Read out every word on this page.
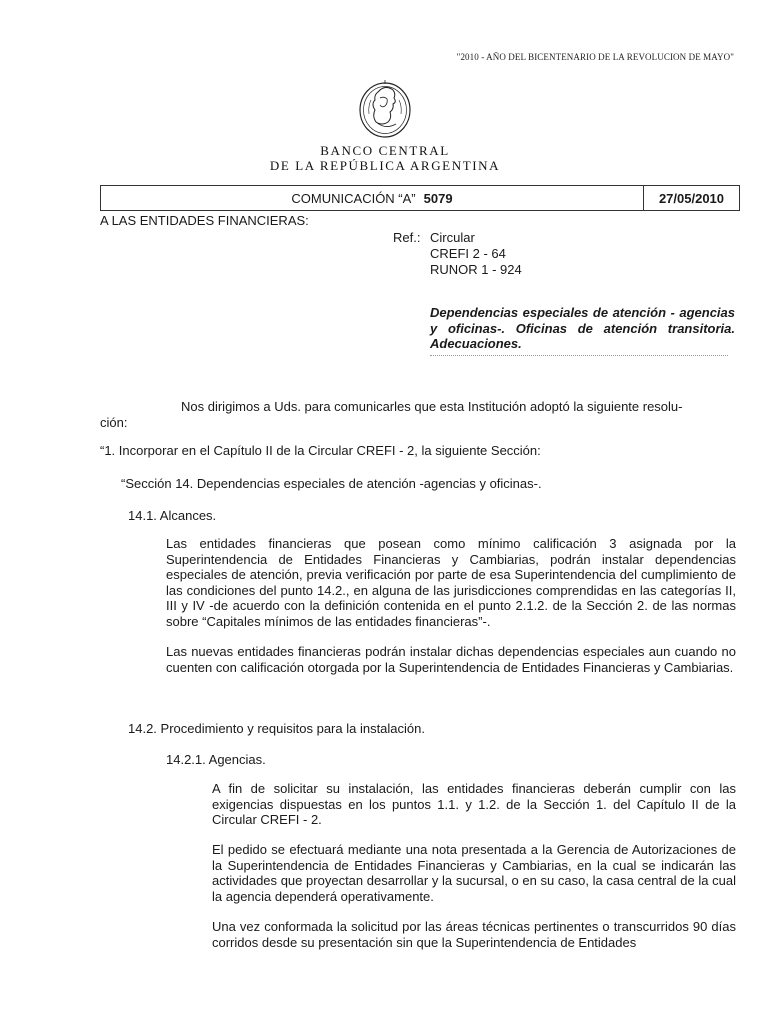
"2010 - AÑO DEL BICENTENARIO DE LA REVOLUCION DE MAYO"
BANCO CENTRAL
DE LA REPÚBLICA ARGENTINA
COMUNICACIÓN “A” 5079	27/05/2010
A LAS ENTIDADES FINANCIERAS:
Ref.: Circular
CREFI 2 - 64
RUNOR 1 - 924
Dependencias especiales de atención - agencias y oficinas-. Oficinas de atención transitoria. Adecuaciones.
Nos dirigimos a Uds. para comunicarles que esta Institución adoptó la siguiente resolu-
ción:
“1. Incorporar en el Capítulo II de la Circular CREFI - 2, la siguiente Sección:
“Sección 14. Dependencias especiales de atención -agencias y oficinas-.
14.1. Alcances.
Las entidades financieras que posean como mínimo calificación 3 asignada por la Superintendencia de Entidades Financieras y Cambiarias, podrán instalar dependencias especiales de atención, previa verificación por parte de esa Superintendencia del cumplimiento de las condiciones del punto 14.2., en alguna de las jurisdicciones comprendidas en las categorías II, III y IV -de acuerdo con la definición contenida en el punto 2.1.2. de la Sección 2. de las normas sobre “Capitales mínimos de las entidades financieras”-.
Las nuevas entidades financieras podrán instalar dichas dependencias especiales aun cuando no cuenten con calificación otorgada por la Superintendencia de Entidades Financieras y Cambiarias.
14.2. Procedimiento y requisitos para la instalación.
14.2.1. Agencias.
A fin de solicitar su instalación, las entidades financieras deberán cumplir con las exigencias dispuestas en los puntos 1.1. y 1.2. de la Sección 1. del Capítulo II de la Circular CREFI - 2.
El pedido se efectuará mediante una nota presentada a la Gerencia de Autorizaciones de la Superintendencia de Entidades Financieras y Cambiarias, en la cual se indicarán las actividades que proyectan desarrollar y la sucursal, o en su caso, la casa central de la cual la agencia dependerá operativamente.
Una vez conformada la solicitud por las áreas técnicas pertinentes o transcurridos 90 días corridos desde su presentación sin que la Superintendencia de Entidades
